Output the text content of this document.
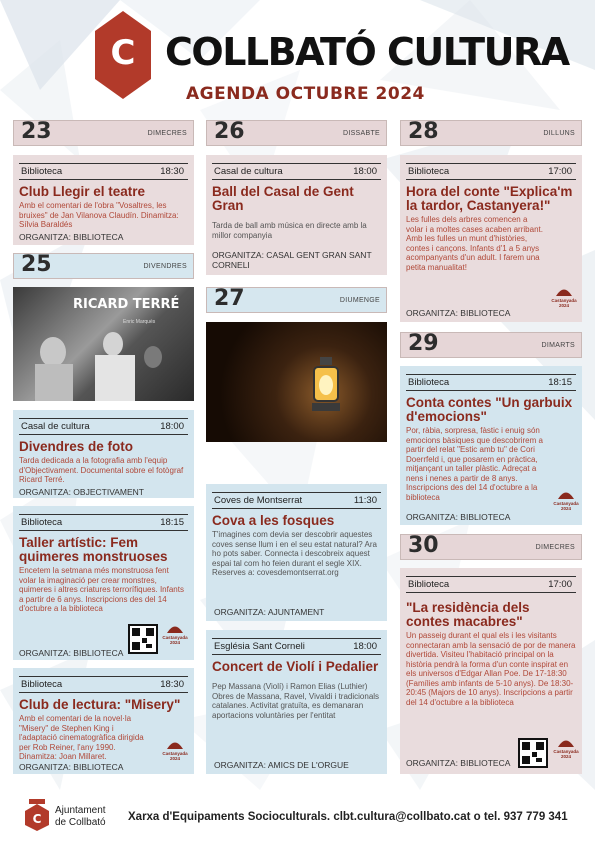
C COLLBATÓ CULTURA
AGENDA OCTUBRE 2024
23	DIMECRES
Biblioteca	18:30
Club Llegir el teatre
Amb el comentari de l'obra "Vosaltres, les bruixes" de Jan Vilanova Claudín. Dinamitza: Sílvia Baraldés
ORGANITZA: BIBLIOTECA
25	DIVENDRES
RICARD TERRÉ
Enric Marquès
Casal de cultura	18:00
Divendres de foto
Tarda dedicada a la fotografia amb l'equip d'Objectivament. Documental sobre el fotògraf Ricard Terré.
ORGANITZA: OBJECTIVAMENT
Biblioteca	18:15
Taller artístic: Fem quimeres monstruoses
Encetem la setmana més monstruosa fent volar la imaginació per crear monstres, quimeres i altres criatures terrorífiques. Infants a partir de 6 anys. Inscripcions des del 14 d'octubre a la biblioteca
ORGANITZA: BIBLIOTECA
Castanyada
2024
Biblioteca	18:30
Club de lectura: "Misery"
Amb el comentari de la novel·la "Misery" de Stephen King i l'adaptació cinematogràfica dirigida per Rob Reiner, l'any 1990. Dinamitza: Joan Millaret.
ORGANITZA: BIBLIOTECA
Castanyada
2024
26	DISSABTE
Casal de cultura	18:00
Ball del Casal de Gent Gran
Tarda de ball amb música en directe amb la millor companyia
ORGANITZA: CASAL GENT GRAN SANT CORNELI
27	DIUMENGE
Coves de Montserrat	11:30
Cova a les fosques
T'imagines com devia ser descobrir aquestes coves sense llum i en el seu estat natural? Ara ho pots saber. Connecta i descobreix aquest espai tal com ho feien durant el segle XIX. Reserves a: covesdemontserrat.org
ORGANITZA: AJUNTAMENT
Església Sant Corneli	18:00
Concert de Violí i Pedalier
Pep Massana (Violí) i Ramon Elias (Luthier) Obres de Massana, Ravel, Vivaldi i tradicionals catalanes. Activitat gratuïta, es demanaran aportacions voluntàries per l'entitat
ORGANITZA: AMICS DE L'ORGUE
28	DILLUNS
Biblioteca	17:00
Hora del conte "Explica'm la tardor, Castanyera!"
Les fulles dels arbres comencen a volar i a moltes cases acaben arribant. Amb les fulles un munt d'històries, contes i cançons. Infants d'1 a 5 anys acompanyants d'un adult. I farem una petita manualitat!
ORGANITZA: BIBLIOTECA
Castanyada
2024
29	DIMARTS
Biblioteca	18:15
Conta contes "Un garbuix d'emocions"
Por, ràbia, sorpresa, fàstic i enuig són emocions bàsiques que descobrirem a partir del relat "Estic amb tu" de Cori Doerrfeld i, que posarem en pràctica, mitjançant un taller plàstic. Adreçat a nens i nenes a partir de 8 anys. Inscripcions des del 14 d'octubre a la biblioteca
ORGANITZA: BIBLIOTECA
Castanyada
2024
30	DIMECRES
Biblioteca	17:00
"La residència dels contes macabres"
Un passeig durant el qual els i les visitants connectaran amb la sensació de por de manera divertida. Visiteu l'habitació principal on la història pendrà la forma d'un conte inspirat en els universos d'Edgar Allan Poe. De 17-18:30 (Famílies amb infants de 5-10 anys). De 18:30-20:45 (Majors de 10 anys). Inscripcions a partir del 14 d'octubre a la biblioteca
ORGANITZA: BIBLIOTECA
Castanyada
2024
C
Ajuntament
de Collbató Xarxa d'Equipaments Socioculturals. clbt.cultura@collbato.cat o tel. 937 779 341
